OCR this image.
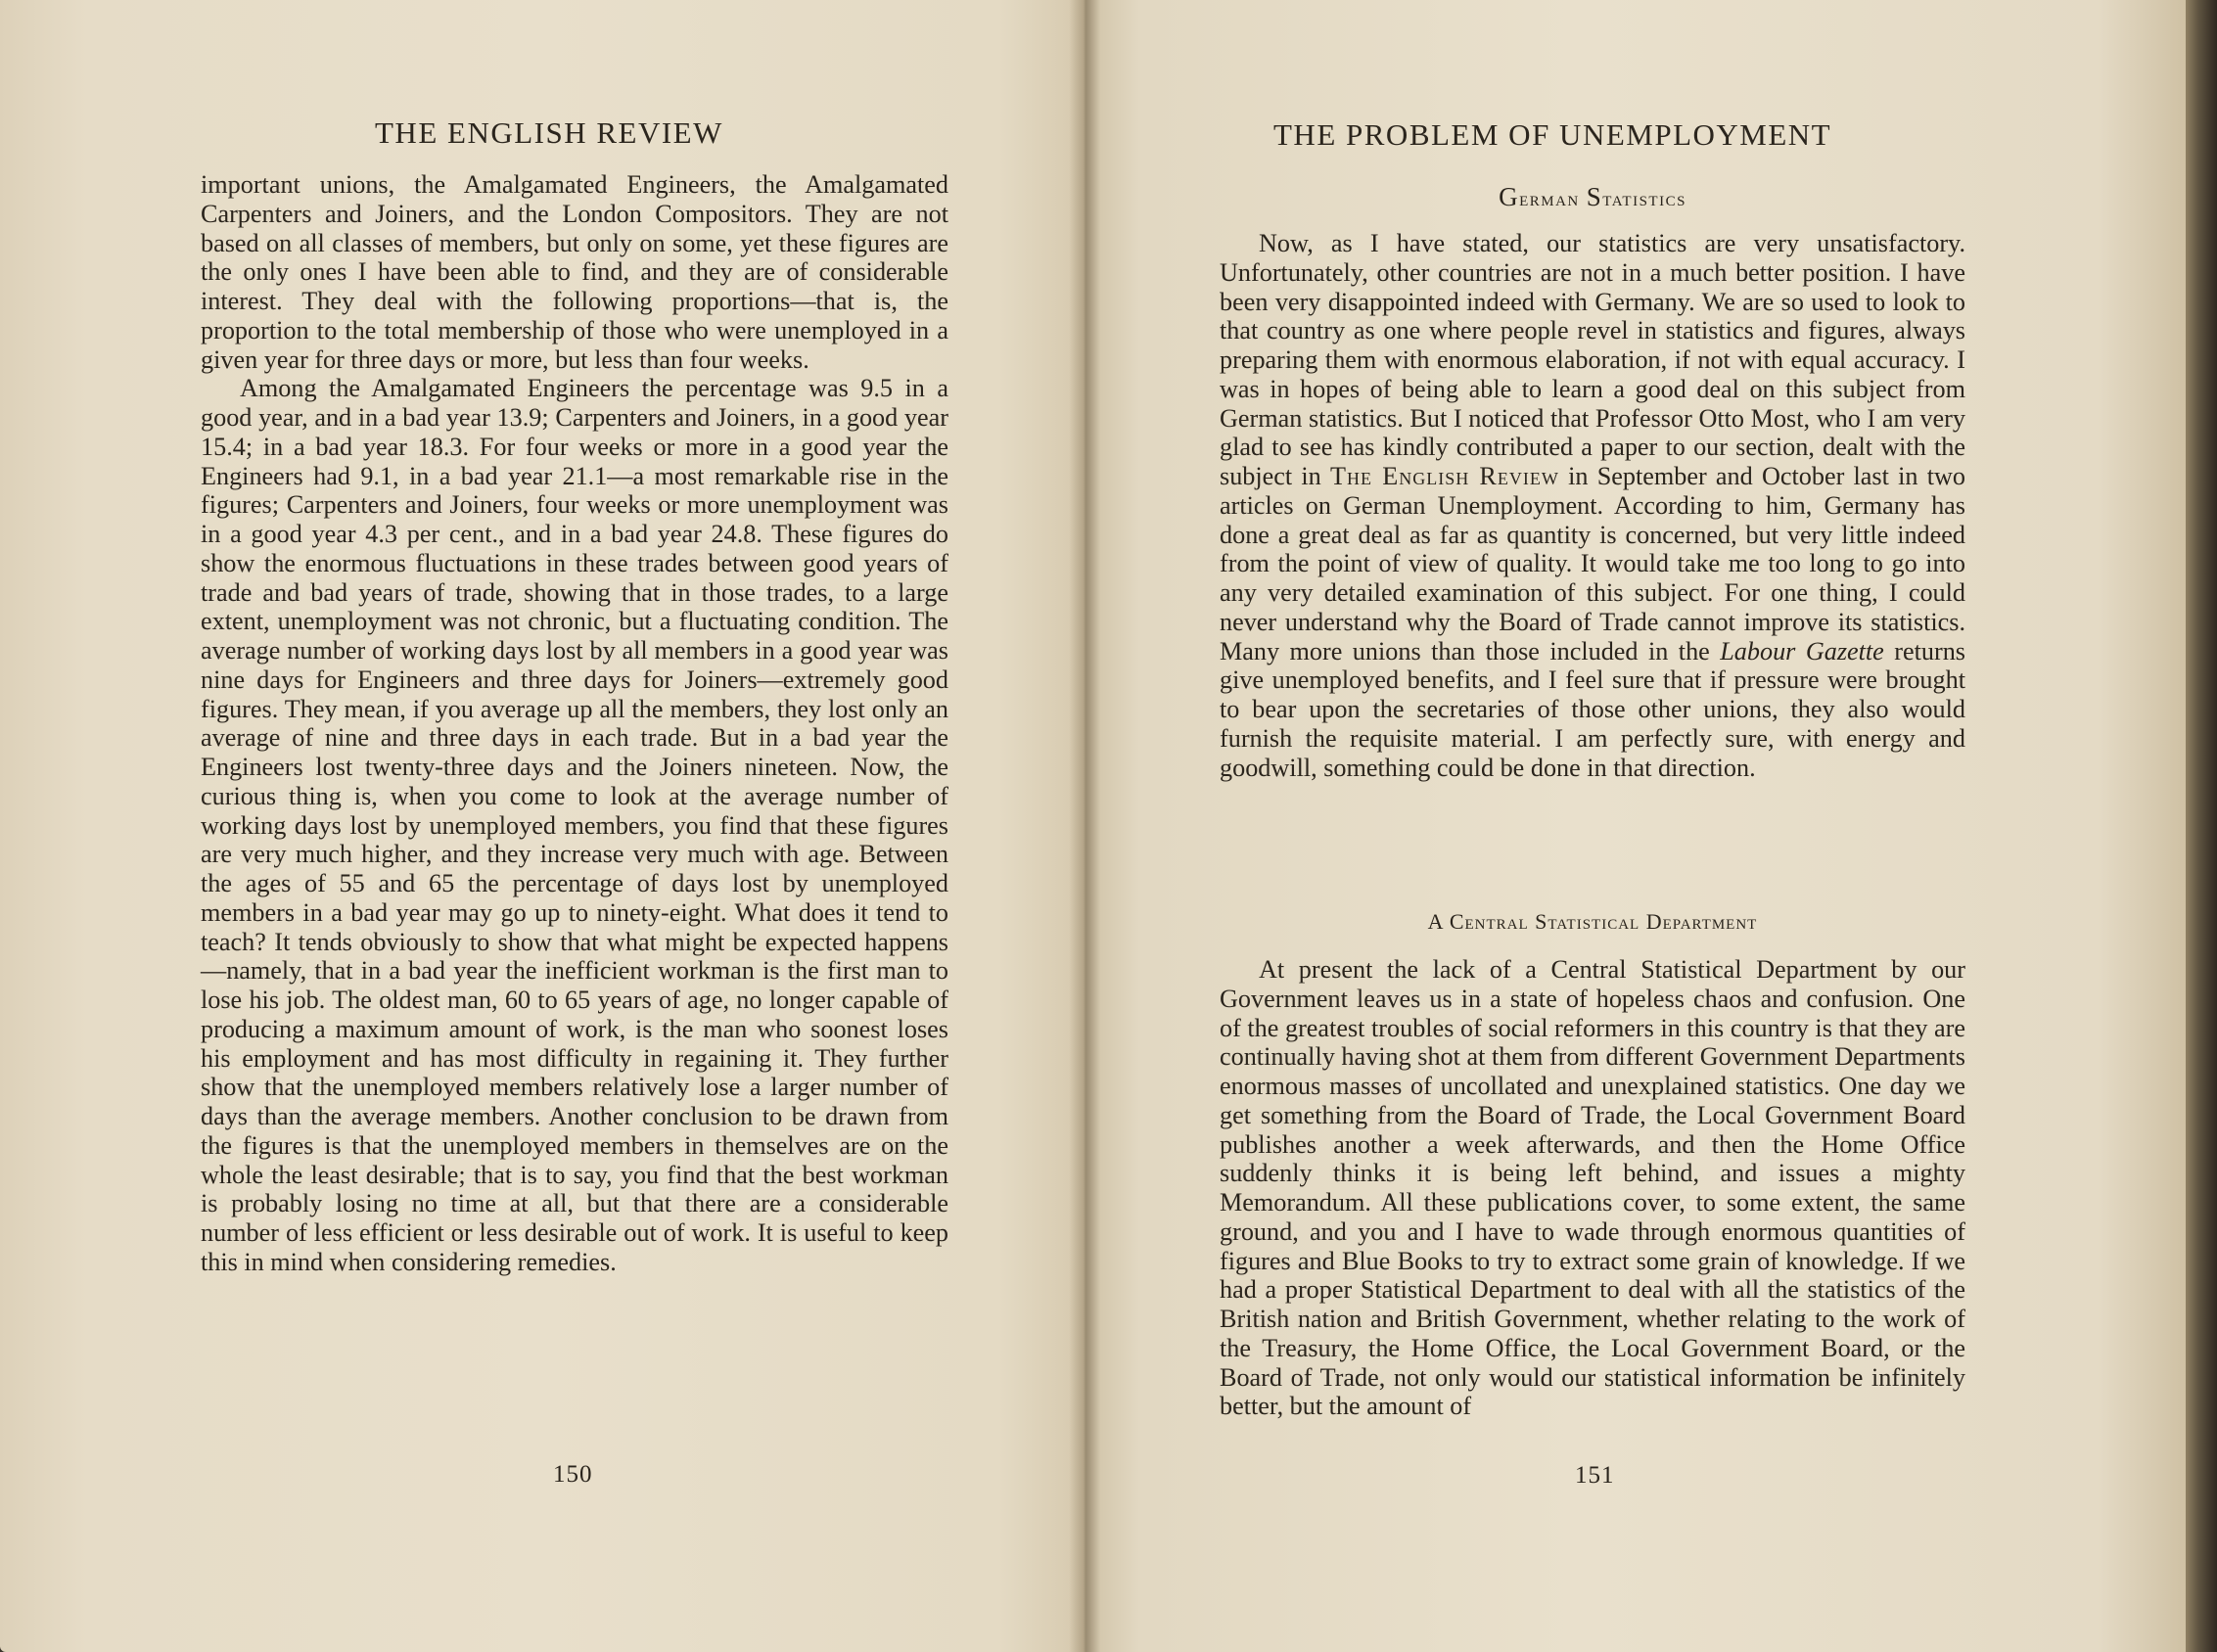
THE ENGLISH REVIEW

important unions, the Amalgamated Engineers, the Amalgamated Carpenters and Joiners, and the London Compositors. They are not based on all classes of members, but only on some, yet these figures are the only ones I have been able to find, and they are of considerable interest. They deal with the following proportions—that is, the proportion to the total membership of those who were unemployed in a given year for three days or more, but less than four weeks.

Among the Amalgamated Engineers the percentage was 9.5 in a good year, and in a bad year 13.9; Carpenters and Joiners, in a good year 15.4; in a bad year 18.3. For four weeks or more in a good year the Engineers had 9.1, in a bad year 21.1—a most remarkable rise in the figures; Carpenters and Joiners, four weeks or more unemployment was in a good year 4.3 per cent., and in a bad year 24.8. These figures do show the enormous fluctuations in these trades between good years of trade and bad years of trade, showing that in those trades, to a large extent, unemployment was not chronic, but a fluctuating condition. The average number of working days lost by all members in a good year was nine days for Engineers and three days for Joiners—extremely good figures. They mean, if you average up all the members, they lost only an average of nine and three days in each trade. But in a bad year the Engineers lost twenty-three days and the Joiners nineteen. Now, the curious thing is, when you come to look at the average number of working days lost by unemployed members, you find that these figures are very much higher, and they increase very much with age. Between the ages of 55 and 65 the percentage of days lost by unemployed members in a bad year may go up to ninety-eight. What does it tend to teach? It tends obviously to show that what might be expected happens—namely, that in a bad year the inefficient workman is the first man to lose his job. The oldest man, 60 to 65 years of age, no longer capable of producing a maximum amount of work, is the man who soonest loses his employment and has most difficulty in regaining it. They further show that the unemployed members relatively lose a larger number of days than the average members. Another conclusion to be drawn from the figures is that the unemployed members in themselves are on the whole the least desirable; that is to say, you find that the best workman is probably losing no time at all, but that there are a considerable number of less efficient or less desirable out of work. It is useful to keep this in mind when considering remedies.

150
THE PROBLEM OF UNEMPLOYMENT
German Statistics

Now, as I have stated, our statistics are very unsatisfactory. Unfortunately, other countries are not in a much better position. I have been very disappointed indeed with Germany. We are so used to look to that country as one where people revel in statistics and figures, always preparing them with enormous elaboration, if not with equal accuracy. I was in hopes of being able to learn a good deal on this subject from German statistics. But I noticed that Professor Otto Most, who I am very glad to see has kindly contributed a paper to our section, dealt with the subject in The English Review in September and October last in two articles on German Unemployment. According to him, Germany has done a great deal as far as quantity is concerned, but very little indeed from the point of view of quality. It would take me too long to go into any very detailed examination of this subject. For one thing, I could never understand why the Board of Trade cannot improve its statistics. Many more unions than those included in the Labour Gazette returns give unemployed benefits, and I feel sure that if pressure were brought to bear upon the secretaries of those other unions, they also would furnish the requisite material. I am perfectly sure, with energy and goodwill, something could be done in that direction.

A Central Statistical Department

At present the lack of a Central Statistical Department by our Government leaves us in a state of hopeless chaos and confusion. One of the greatest troubles of social reformers in this country is that they are continually having shot at them from different Government Departments enormous masses of uncollated and unexplained statistics. One day we get something from the Board of Trade, the Local Government Board publishes another a week afterwards, and then the Home Office suddenly thinks it is being left behind, and issues a mighty Memorandum. All these publications cover, to some extent, the same ground, and you and I have to wade through enormous quantities of figures and Blue Books to try to extract some grain of knowledge. If we had a proper Statistical Department to deal with all the statistics of the British nation and British Government, whether relating to the work of the Treasury, the Home Office, the Local Government Board, or the Board of Trade, not only would our statistical information be infinitely better, but the amount of

151
